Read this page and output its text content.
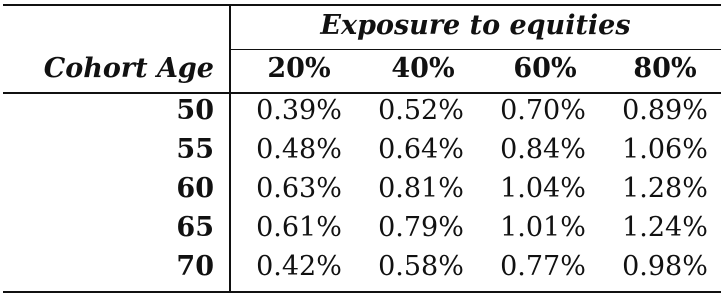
Exposure to equities
Cohort Age	20%	40%	60%	80%
50	0.39%	0.52%	0.70%	0.89%
55	0.48%	0.64%	0.84%	1.06%
60	0.63%	0.81%	1.04%	1.28%
65	0.61%	0.79%	1.01%	1.24%
70	0.42%	0.58%	0.77%	0.98%
